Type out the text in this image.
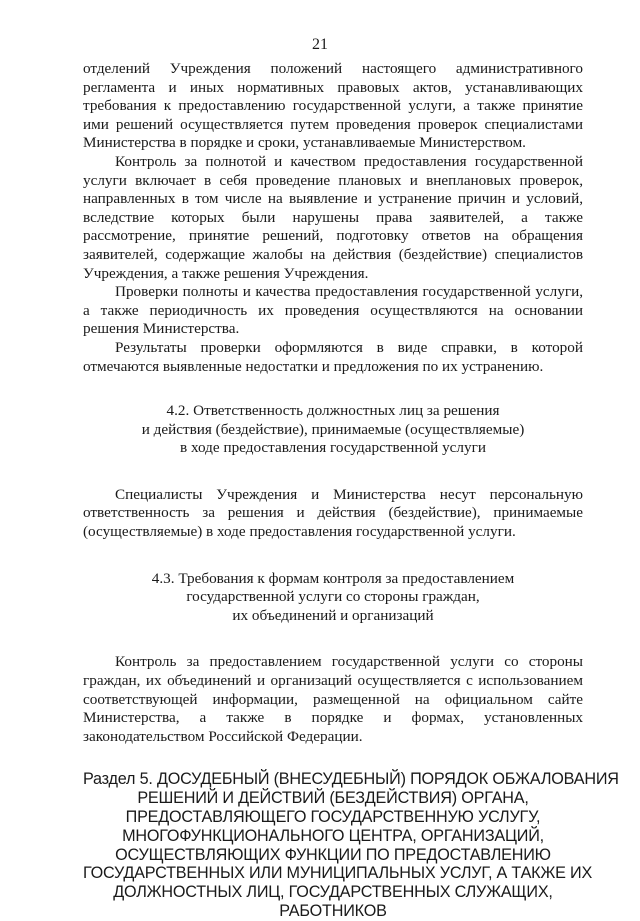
21

отделений Учреждения положений настоящего административного регламента и иных нормативных правовых актов, устанавливающих требования к предоставлению государственной услуги, а также принятие ими решений осуществляется путем проведения проверок специалистами Министерства в порядке и сроки, устанавливаемые Министерством.

Контроль за полнотой и качеством предоставления государственной услуги включает в себя проведение плановых и внеплановых проверок, направленных в том числе на выявление и устранение причин и условий, вследствие которых были нарушены права заявителей, а также рассмотрение, принятие решений, подготовку ответов на обращения заявителей, содержащие жалобы на действия (бездействие) специалистов Учреждения, а также решения Учреждения.

Проверки полноты и качества предоставления государственной услуги, а также периодичность их проведения осуществляются на основании решения Министерства.

Результаты проверки оформляются в виде справки, в которой отмечаются выявленные недостатки и предложения по их устранению.

4.2. Ответственность должностных лиц за решения
и действия (бездействие), принимаемые (осуществляемые)
в ходе предоставления государственной услуги

Специалисты Учреждения и Министерства несут персональную ответственность за решения и действия (бездействие), принимаемые (осуществляемые) в ходе предоставления государственной услуги.

4.3. Требования к формам контроля за предоставлением
государственной услуги со стороны граждан,
их объединений и организаций

Контроль за предоставлением государственной услуги со стороны граждан, их объединений и организаций осуществляется с использованием соответствующей информации, размещенной на официальном сайте Министерства, а также в порядке и формах, установленных законодательством Российской Федерации.

Раздел 5. ДОСУДЕБНЫЙ (ВНЕСУДЕБНЫЙ) ПОРЯДОК ОБЖАЛОВАНИЯ
РЕШЕНИЙ И ДЕЙСТВИЙ (БЕЗДЕЙСТВИЯ) ОРГАНА,
ПРЕДОСТАВЛЯЮЩЕГО ГОСУДАРСТВЕННУЮ УСЛУГУ,
МНОГОФУНКЦИОНАЛЬНОГО ЦЕНТРА, ОРГАНИЗАЦИЙ,
ОСУЩЕСТВЛЯЮЩИХ ФУНКЦИИ ПО ПРЕДОСТАВЛЕНИЮ
ГОСУДАРСТВЕННЫХ ИЛИ МУНИЦИПАЛЬНЫХ УСЛУГ, А ТАКЖЕ ИХ
ДОЛЖНОСТНЫХ ЛИЦ, ГОСУДАРСТВЕННЫХ СЛУЖАЩИХ,
РАБОТНИКОВ
